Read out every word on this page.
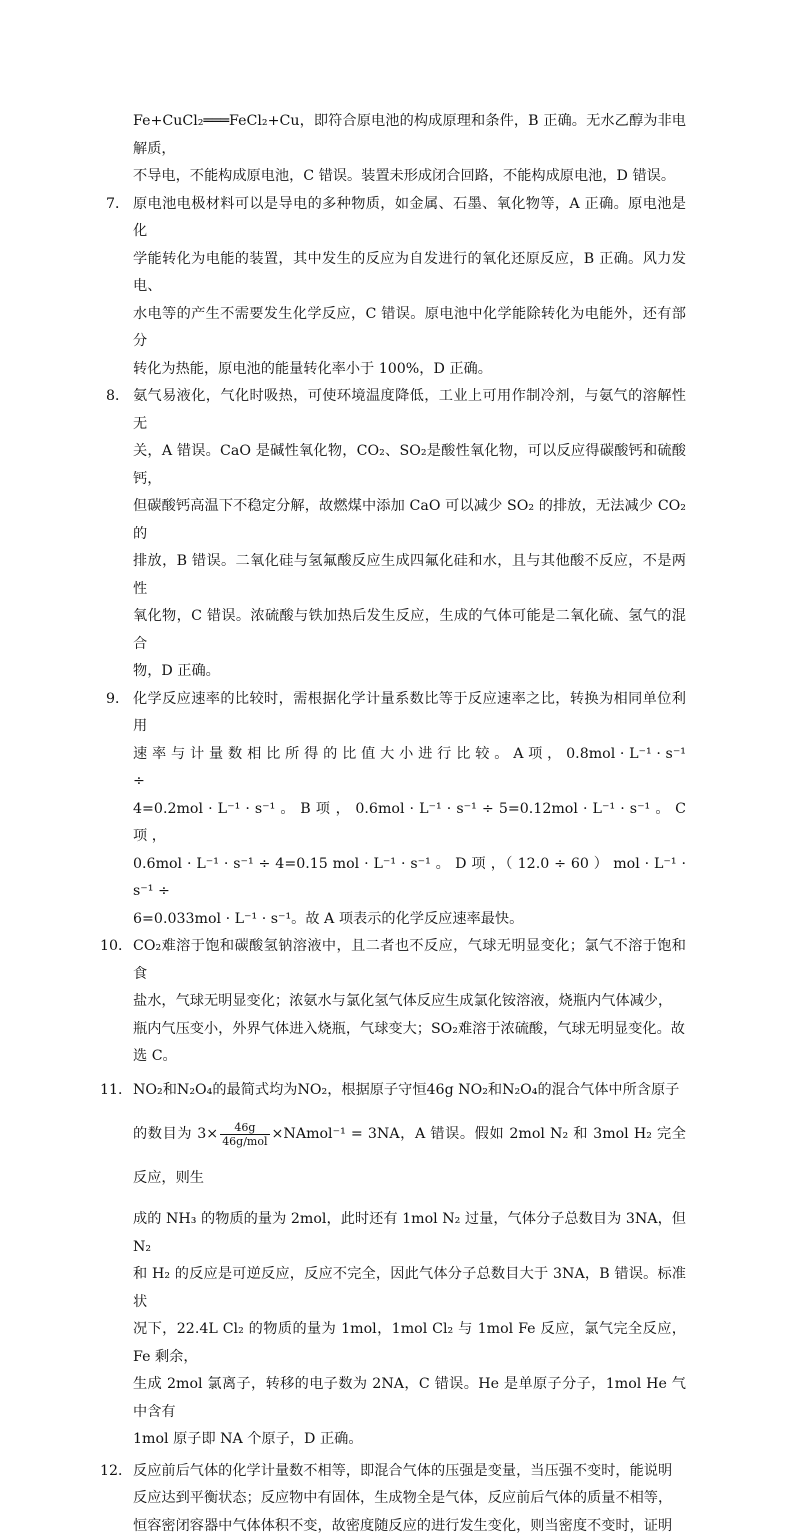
Fe+CuCl₂═══FeCl₂+Cu，即符合原电池的构成原理和条件，B 正确。无水乙醇为非电解质，
不导电，不能构成原电池，C 错误。装置未形成闭合回路，不能构成原电池，D 错误。
7． 原电池电极材料可以是导电的多种物质，如金属、石墨、氧化物等，A 正确。原电池是化
学能转化为电能的装置，其中发生的反应为自发进行的氧化还原反应，B 正确。风力发电、
水电等的产生不需要发生化学反应，C 错误。原电池中化学能除转化为电能外，还有部分
转化为热能，原电池的能量转化率小于 100%，D 正确。
8． 氨气易液化，气化时吸热，可使环境温度降低，工业上可用作制冷剂，与氨气的溶解性无
关，A 错误。CaO 是碱性氧化物，CO₂、SO₂是酸性氧化物，可以反应得碳酸钙和硫酸钙，
但碳酸钙高温下不稳定分解，故燃煤中添加 CaO 可以减少 SO₂ 的排放，无法减少 CO₂ 的
排放，B 错误。二氧化硅与氢氟酸反应生成四氟化硅和水，且与其他酸不反应，不是两性
氧化物，C 错误。浓硫酸与铁加热后发生反应，生成的气体可能是二氧化硫、氢气的混合
物，D 正确。
9． 化学反应速率的比较时，需根据化学计量系数比等于反应速率之比，转换为相同单位利用
速 率 与 计 量 数 相 比 所 得 的 比 值 大 小 进 行 比 较 。 A 项 ， 0.8mol · L⁻¹ · s⁻¹ ÷
4=0.2mol · L⁻¹ · s⁻¹ 。 B 项 ， 0.6mol · L⁻¹ · s⁻¹ ÷ 5=0.12mol · L⁻¹ · s⁻¹ 。 C 项 ，
0.6mol · L⁻¹ · s⁻¹ ÷ 4=0.15 mol · L⁻¹ · s⁻¹ 。 D 项 ，（ 12.0 ÷ 60 ） mol · L⁻¹ · s⁻¹ ÷
6=0.033mol · L⁻¹ · s⁻¹。故 A 项表示的化学反应速率最快。
10． CO₂难溶于饱和碳酸氢钠溶液中，且二者也不反应，气球无明显变化；氯气不溶于饱和食
盐水，气球无明显变化；浓氨水与氯化氢气体反应生成氯化铵溶液，烧瓶内气体减少，
瓶内气压变小，外界气体进入烧瓶，气球变大；SO₂难溶于浓硫酸，气球无明显变化。故
选 C。
11． NO₂和N₂O₄的最简式均为NO₂，根据原子守恒46g NO₂和N₂O₄的混合气体中所含原子
的数目为 $3\times \frac{46g}{\text{46g/mol}}$ ×NAmol⁻¹ = 3NA，A 错误。假如 2mol N₂ 和 3mol H₂ 完全反应，则生
成的 NH₃ 的物质的量为 2mol，此时还有 1mol N₂ 过量，气体分子总数目为 3NA，但 N₂
和 H₂ 的反应是可逆反应，反应不完全，因此气体分子总数目大于 3NA，B 错误。标准状
况下，22.4L Cl₂ 的物质的量为 1mol，1mol Cl₂ 与 1mol Fe 反应，氯气完全反应，Fe 剩余，
生成 2mol 氯离子，转移的电子数为 2NA，C 错误。He 是单原子分子，1mol He 气中含有
1mol 原子即 NA 个原子，D 正确。
12． 反应前后气体的化学计量数不相等，即混合气体的压强是变量，当压强不变时，能说明
反应达到平衡状态；反应物中有固体，生成物全是气体，反应前后气体的质量不相等，
恒容密闭容器中气体体积不变，故密度随反应的进行发生变化，则当密度不变时，证明
